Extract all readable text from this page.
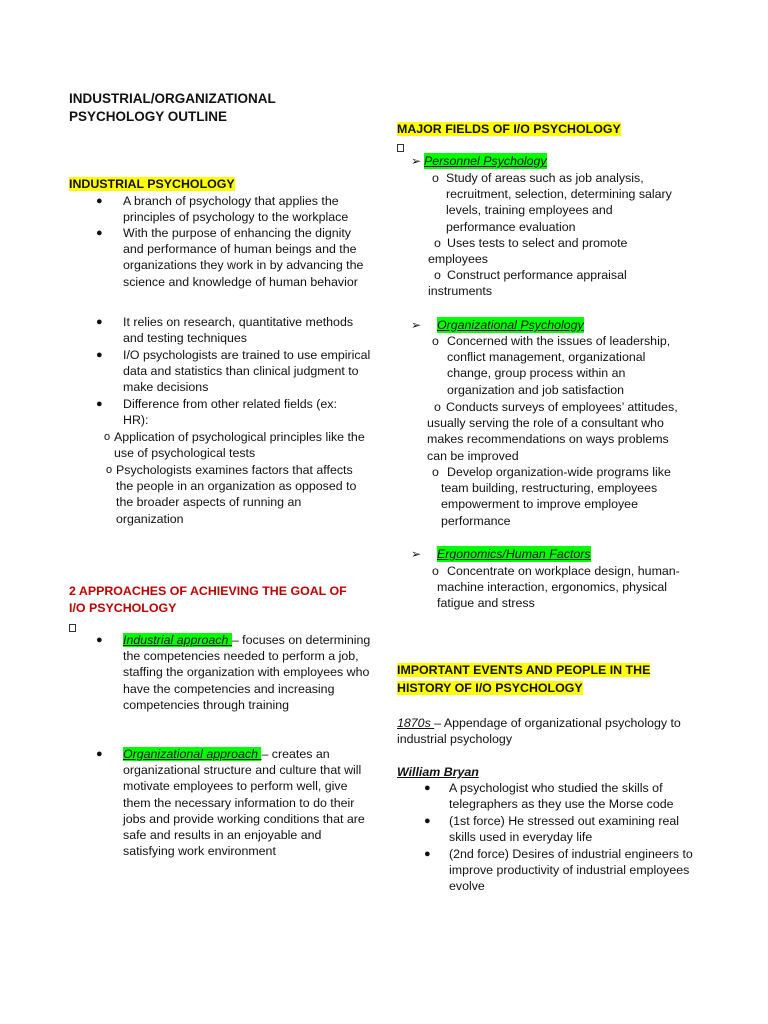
INDUSTRIAL/ORGANIZATIONAL
PSYCHOLOGY OUTLINE
INDUSTRIAL PSYCHOLOGY
● A branch of psychology that applies the principles of psychology to the workplace
● With the purpose of enhancing the dignity and performance of human beings and the organizations they work in by advancing the science and knowledge of human behavior
● It relies on research, quantitative methods and testing techniques
● I/O psychologists are trained to use empirical data and statistics than clinical judgment to make decisions
● Difference from other related fields (ex: HR):
o Application of psychological principles like the use of psychological tests
o Psychologists examines factors that affects the people in an organization as opposed to the broader aspects of running an organization
2 APPROACHES OF ACHIEVING THE GOAL OF
I/O PSYCHOLOGY
● Industrial approach – focuses on determining the competencies needed to perform a job, staffing the organization with employees who have the competencies and increasing competencies through training
● Organizational approach – creates an organizational structure and culture that will motivate employees to perform well, give them the necessary information to do their jobs and provide working conditions that are safe and results in an enjoyable and satisfying work environment
MAJOR FIELDS OF I/O PSYCHOLOGY
➢ Personnel Psychology
o Study of areas such as job analysis, recruitment, selection, determining salary levels, training employees and performance evaluation
o Uses tests to select and promote employees
o Construct performance appraisal instruments
➢ Organizational Psychology
o Concerned with the issues of leadership, conflict management, organizational change, group process within an organization and job satisfaction
o Conducts surveys of employees’ attitudes, usually serving the role of a consultant who makes recommendations on ways problems can be improved
o Develop organization-wide programs like team building, restructuring, employees empowerment to improve employee performance
➢ Ergonomics/Human Factors
o Concentrate on workplace design, human-machine interaction, ergonomics, physical fatigue and stress
IMPORTANT EVENTS AND PEOPLE IN THE
HISTORY OF I/O PSYCHOLOGY
1870s – Appendage of organizational psychology to industrial psychology
William Bryan
● A psychologist who studied the skills of telegraphers as they use the Morse code
● (1st force) He stressed out examining real skills used in everyday life
● (2nd force) Desires of industrial engineers to improve productivity of industrial employees evolve
